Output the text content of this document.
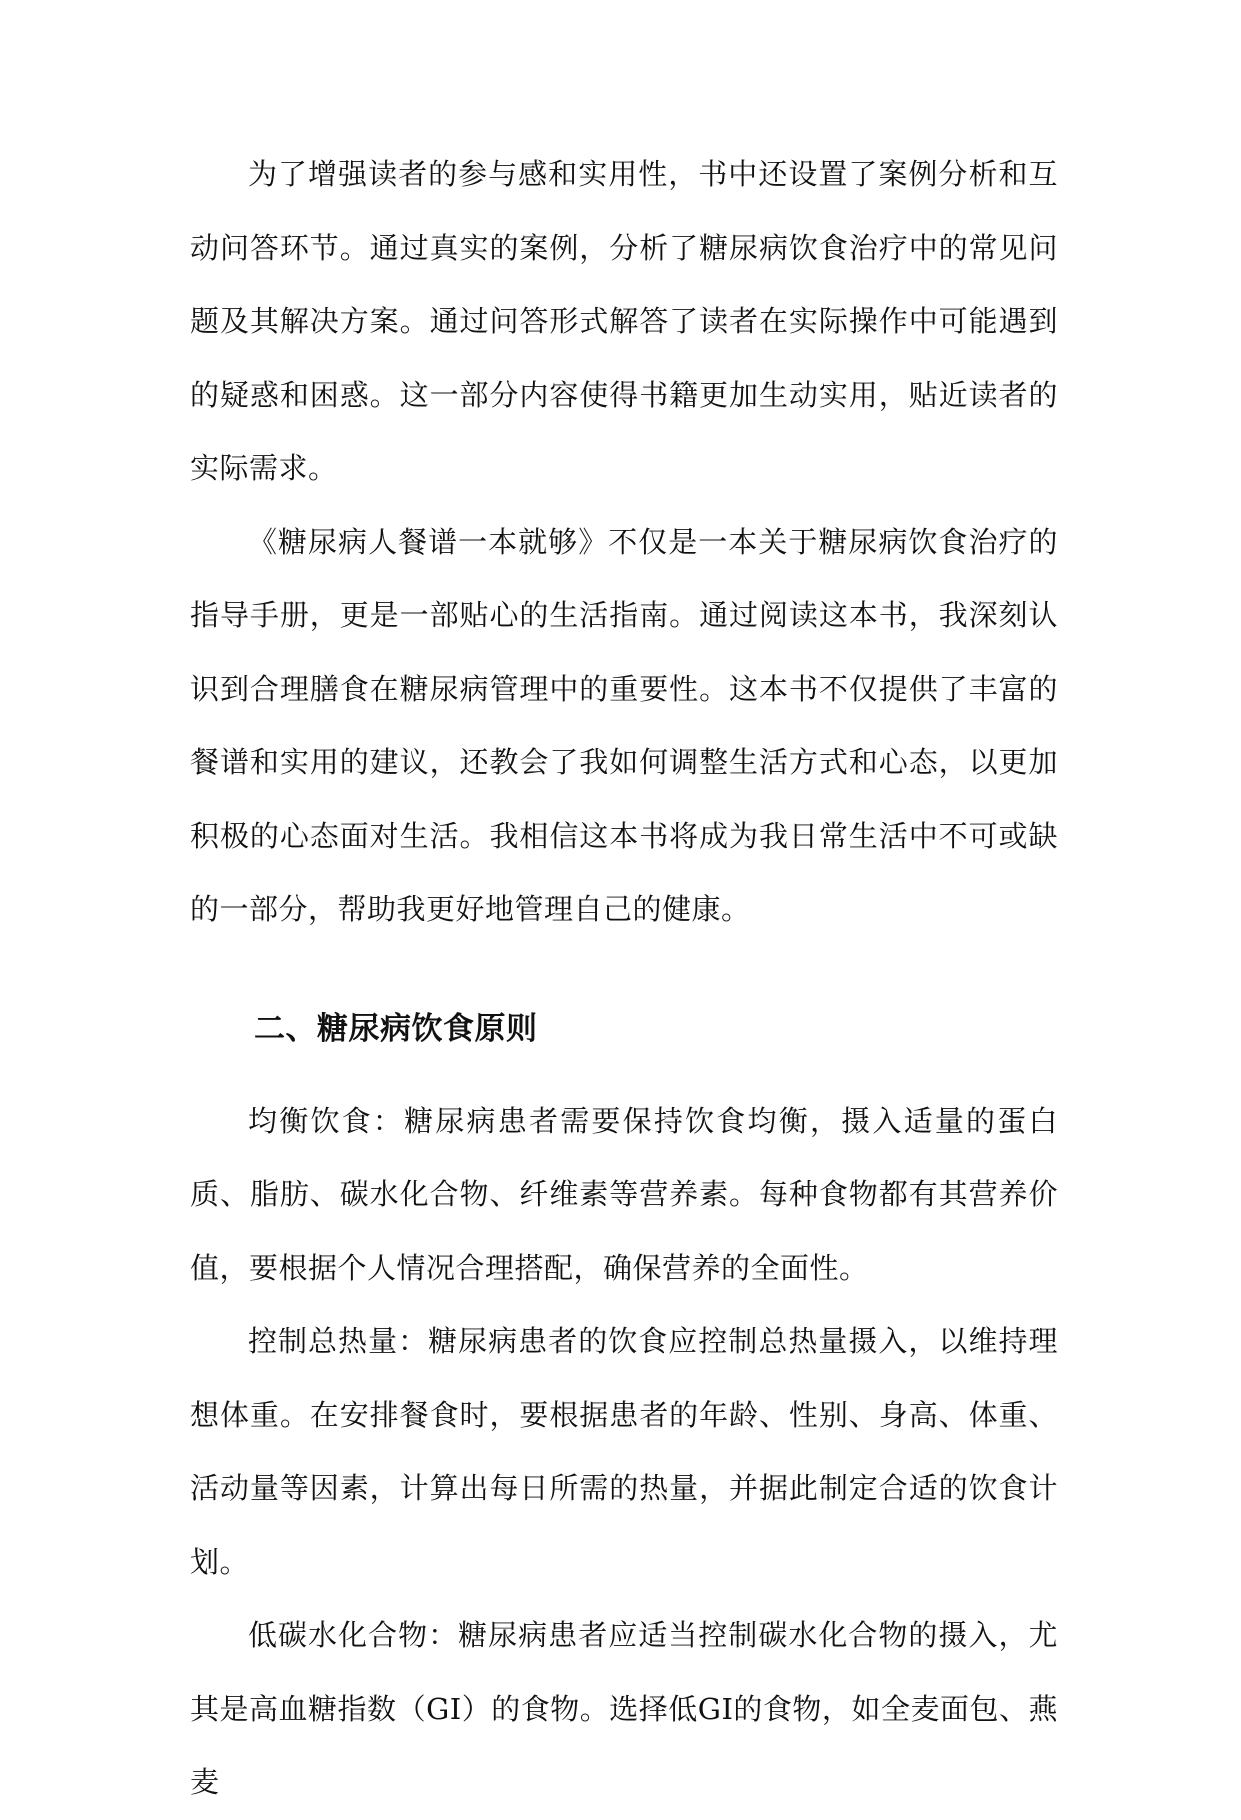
为了增强读者的参与感和实用性，书中还设置了案例分析和互动问答环节。通过真实的案例，分析了糖尿病饮食治疗中的常见问题及其解决方案。通过问答形式解答了读者在实际操作中可能遇到的疑惑和困惑。这一部分内容使得书籍更加生动实用，贴近读者的实际需求。

《糖尿病人餐谱一本就够》不仅是一本关于糖尿病饮食治疗的指导手册，更是一部贴心的生活指南。通过阅读这本书，我深刻认识到合理膳食在糖尿病管理中的重要性。这本书不仅提供了丰富的餐谱和实用的建议，还教会了我如何调整生活方式和心态，以更加积极的心态面对生活。我相信这本书将成为我日常生活中不可或缺的一部分，帮助我更好地管理自己的健康。

二、糖尿病饮食原则

均衡饮食：糖尿病患者需要保持饮食均衡，摄入适量的蛋白质、脂肪、碳水化合物、纤维素等营养素。每种食物都有其营养价值，要根据个人情况合理搭配，确保营养的全面性。

控制总热量：糖尿病患者的饮食应控制总热量摄入，以维持理想体重。在安排餐食时，要根据患者的年龄、性别、身高、体重、活动量等因素，计算出每日所需的热量，并据此制定合适的饮食计划。

低碳水化合物：糖尿病患者应适当控制碳水化合物的摄入，尤其是高血糖指数（GI）的食物。选择低GI的食物，如全麦面包、燕麦
